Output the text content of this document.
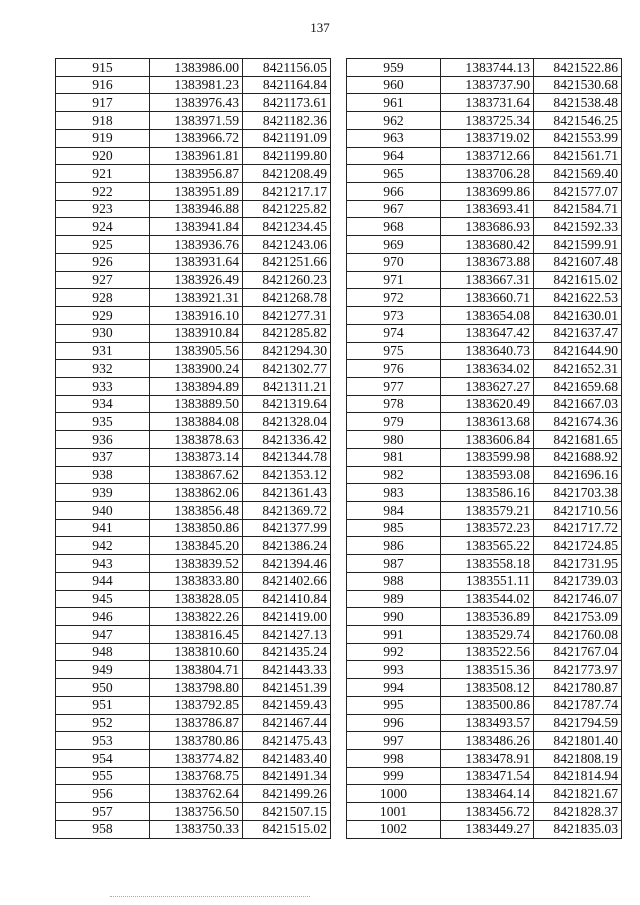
137
915	1383986.00	8421156.05
916	1383981.23	8421164.84
917	1383976.43	8421173.61
918	1383971.59	8421182.36
919	1383966.72	8421191.09
920	1383961.81	8421199.80
921	1383956.87	8421208.49
922	1383951.89	8421217.17
923	1383946.88	8421225.82
924	1383941.84	8421234.45
925	1383936.76	8421243.06
926	1383931.64	8421251.66
927	1383926.49	8421260.23
928	1383921.31	8421268.78
929	1383916.10	8421277.31
930	1383910.84	8421285.82
931	1383905.56	8421294.30
932	1383900.24	8421302.77
933	1383894.89	8421311.21
934	1383889.50	8421319.64
935	1383884.08	8421328.04
936	1383878.63	8421336.42
937	1383873.14	8421344.78
938	1383867.62	8421353.12
939	1383862.06	8421361.43
940	1383856.48	8421369.72
941	1383850.86	8421377.99
942	1383845.20	8421386.24
943	1383839.52	8421394.46
944	1383833.80	8421402.66
945	1383828.05	8421410.84
946	1383822.26	8421419.00
947	1383816.45	8421427.13
948	1383810.60	8421435.24
949	1383804.71	8421443.33
950	1383798.80	8421451.39
951	1383792.85	8421459.43
952	1383786.87	8421467.44
953	1383780.86	8421475.43
954	1383774.82	8421483.40
955	1383768.75	8421491.34
956	1383762.64	8421499.26
957	1383756.50	8421507.15
958	1383750.33	8421515.02
959	1383744.13	8421522.86
960	1383737.90	8421530.68
961	1383731.64	8421538.48
962	1383725.34	8421546.25
963	1383719.02	8421553.99
964	1383712.66	8421561.71
965	1383706.28	8421569.40
966	1383699.86	8421577.07
967	1383693.41	8421584.71
968	1383686.93	8421592.33
969	1383680.42	8421599.91
970	1383673.88	8421607.48
971	1383667.31	8421615.02
972	1383660.71	8421622.53
973	1383654.08	8421630.01
974	1383647.42	8421637.47
975	1383640.73	8421644.90
976	1383634.02	8421652.31
977	1383627.27	8421659.68
978	1383620.49	8421667.03
979	1383613.68	8421674.36
980	1383606.84	8421681.65
981	1383599.98	8421688.92
982	1383593.08	8421696.16
983	1383586.16	8421703.38
984	1383579.21	8421710.56
985	1383572.23	8421717.72
986	1383565.22	8421724.85
987	1383558.18	8421731.95
988	1383551.11	8421739.03
989	1383544.02	8421746.07
990	1383536.89	8421753.09
991	1383529.74	8421760.08
992	1383522.56	8421767.04
993	1383515.36	8421773.97
994	1383508.12	8421780.87
995	1383500.86	8421787.74
996	1383493.57	8421794.59
997	1383486.26	8421801.40
998	1383478.91	8421808.19
999	1383471.54	8421814.94
1000	1383464.14	8421821.67
1001	1383456.72	8421828.37
1002	1383449.27	8421835.03
